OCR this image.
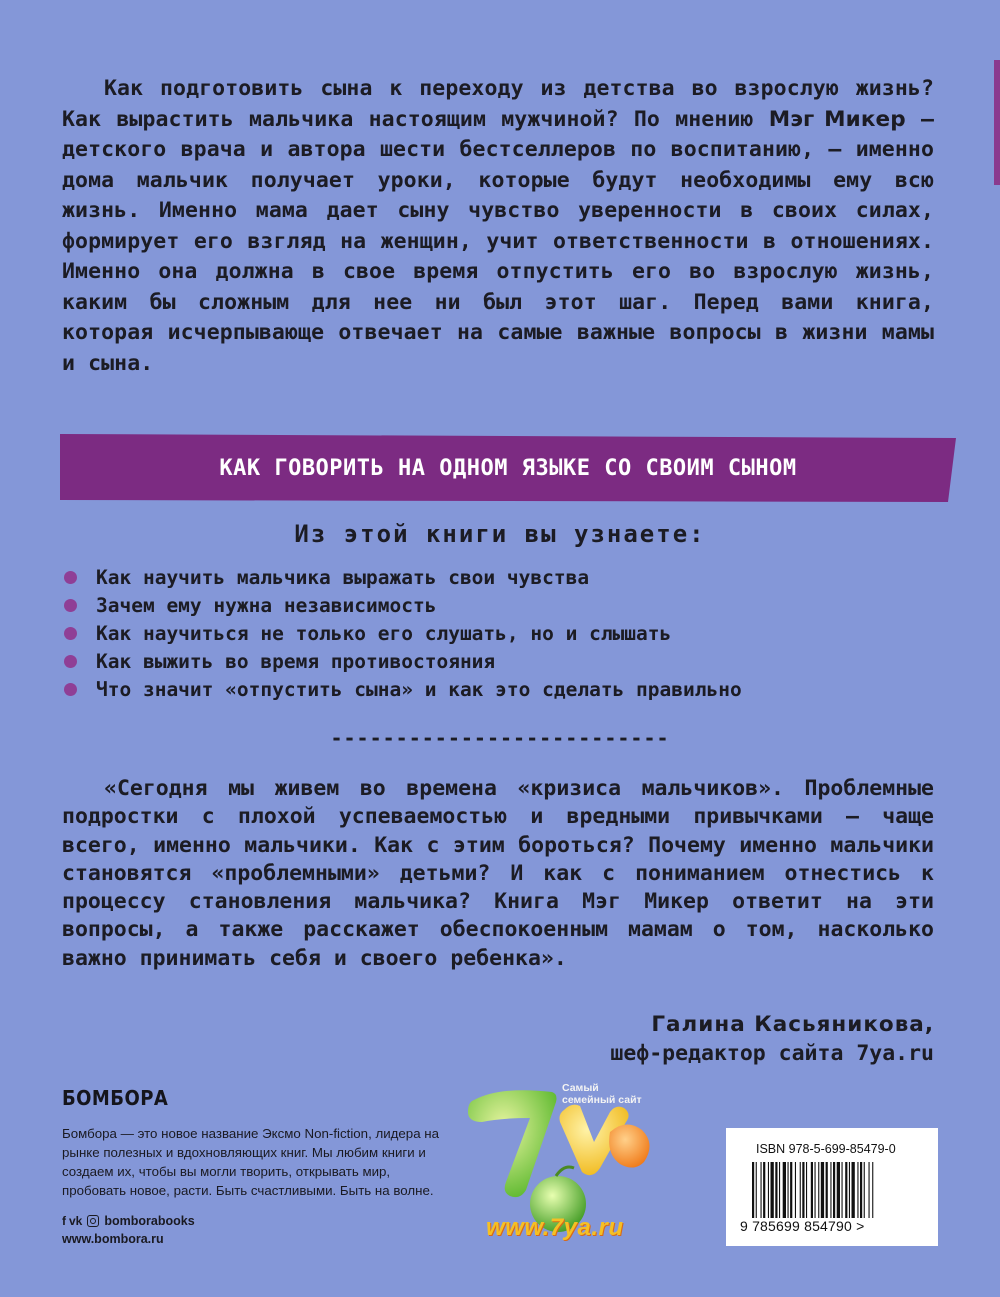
Как подготовить сына к переходу из детства во взрослую жизнь? Как вырастить мальчика настоящим мужчиной? По мнению Мэг Микер — детского врача и автора шести бестселлеров по воспитанию, — именно дома мальчик получает уроки, которые будут необходимы ему всю жизнь. Именно мама дает сыну чувство уверенности в своих силах, формирует его взгляд на женщин, учит ответственности в отношениях. Именно она должна в свое время отпустить его во взрослую жизнь, каким бы сложным для нее ни был этот шаг. Перед вами книга, которая исчерпывающе отвечает на самые важные вопросы в жизни мамы и сына.

КАК ГОВОРИТЬ НА ОДНОМ ЯЗЫКЕ СО СВОИМ СЫНОМ
Из этой книги вы узнаете:
Как научить мальчика выражать свои чувства
Зачем ему нужна независимость
Как научиться не только его слушать, но и слышать
Как выжить во время противостояния
Что значит «отпустить сына» и как это сделать правильно
--------------------------

«Сегодня мы живем во времена «кризиса мальчиков». Проблемные подростки с плохой успеваемостью и вредными привычками — чаще всего, именно мальчики. Как с этим бороться? Почему именно мальчики становятся «проблемными» детьми? И как с пониманием отнестись к процессу становления мальчика? Книга Мэг Микер ответит на эти вопросы, а также расскажет обеспокоенным мамам о том, насколько важно принимать себя и своего ребенка».

Галина Касьяникова,
шеф-редактор сайта 7ya.ru
БОМБОРА
Бомбора — это новое название Эксмо Non-fiction, лидера на рынке полезных и вдохновляющих книг. Мы любим книги и создаем их, чтобы вы могли творить, открывать мир, пробовать новое, расти. Быть счастливыми. Быть на волне.
f vk bomborabooks
www.bombora.ru
Самый
семейный сайт
www.7ya.ru
ISBN 978-5-699-85479-0
9 785699 854790 >
